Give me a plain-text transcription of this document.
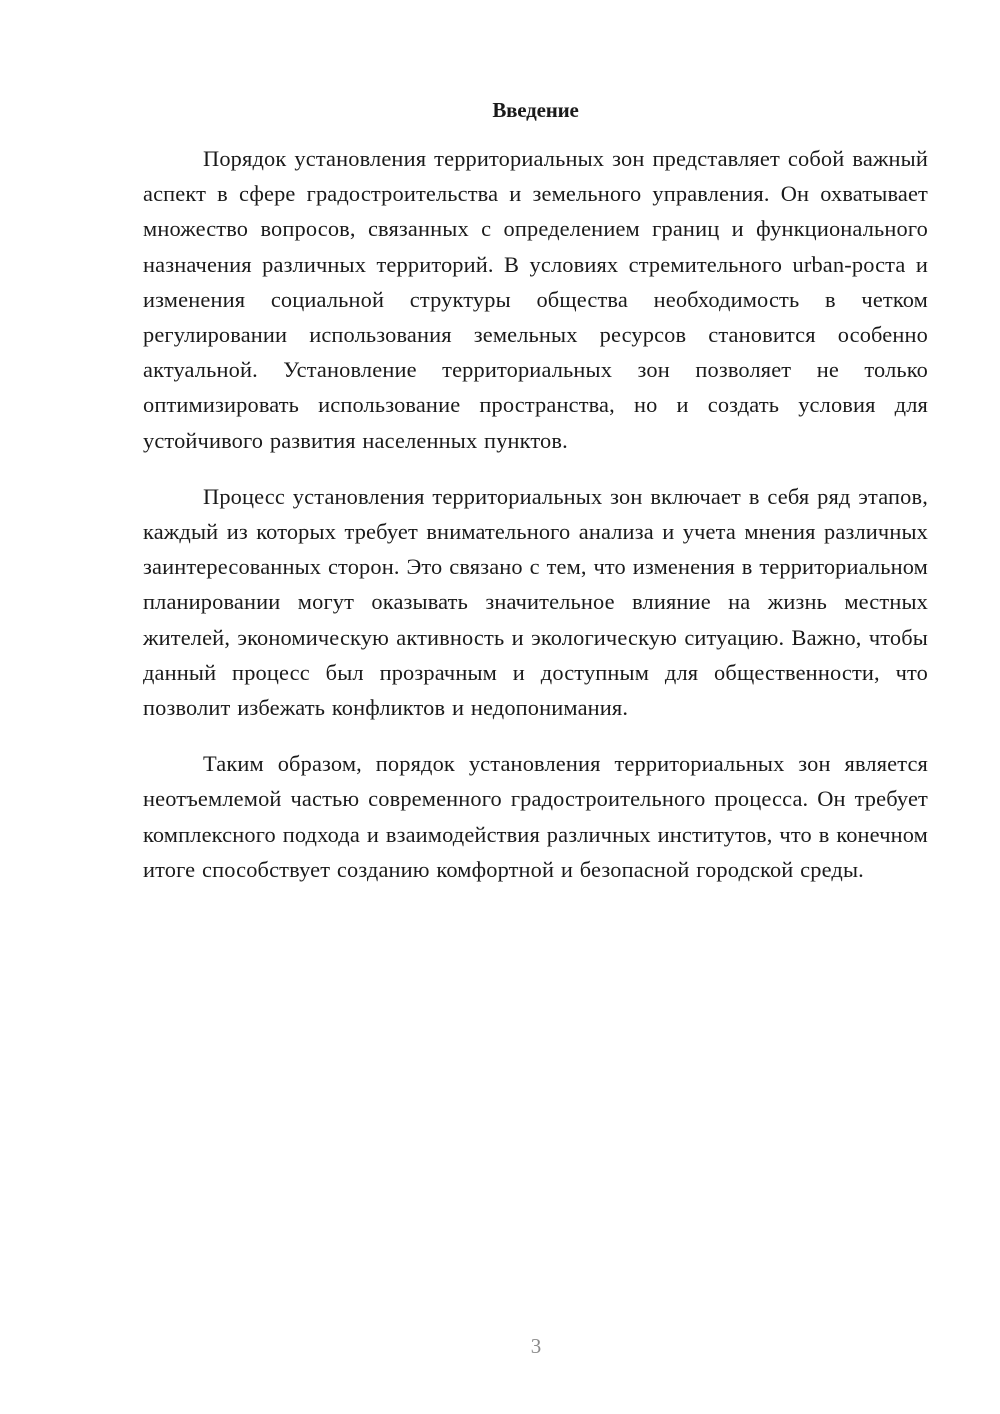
Введение

Порядок установления территориальных зон представляет собой важный аспект в сфере градостроительства и земельного управления. Он охватывает множество вопросов, связанных с определением границ и функционального назначения различных территорий. В условиях стремительного urban-роста и изменения социальной структуры общества необходимость в четком регулировании использования земельных ресурсов становится особенно актуальной. Установление территориальных зон позволяет не только оптимизировать использование пространства, но и создать условия для устойчивого развития населенных пунктов.

Процесс установления территориальных зон включает в себя ряд этапов, каждый из которых требует внимательного анализа и учета мнения различных заинтересованных сторон. Это связано с тем, что изменения в территориальном планировании могут оказывать значительное влияние на жизнь местных жителей, экономическую активность и экологическую ситуацию. Важно, чтобы данный процесс был прозрачным и доступным для общественности, что позволит избежать конфликтов и недопонимания.

Таким образом, порядок установления территориальных зон является неотъемлемой частью современного градостроительного процесса. Он требует комплексного подхода и взаимодействия различных институтов, что в конечном итоге способствует созданию комфортной и безопасной городской среды.

3
